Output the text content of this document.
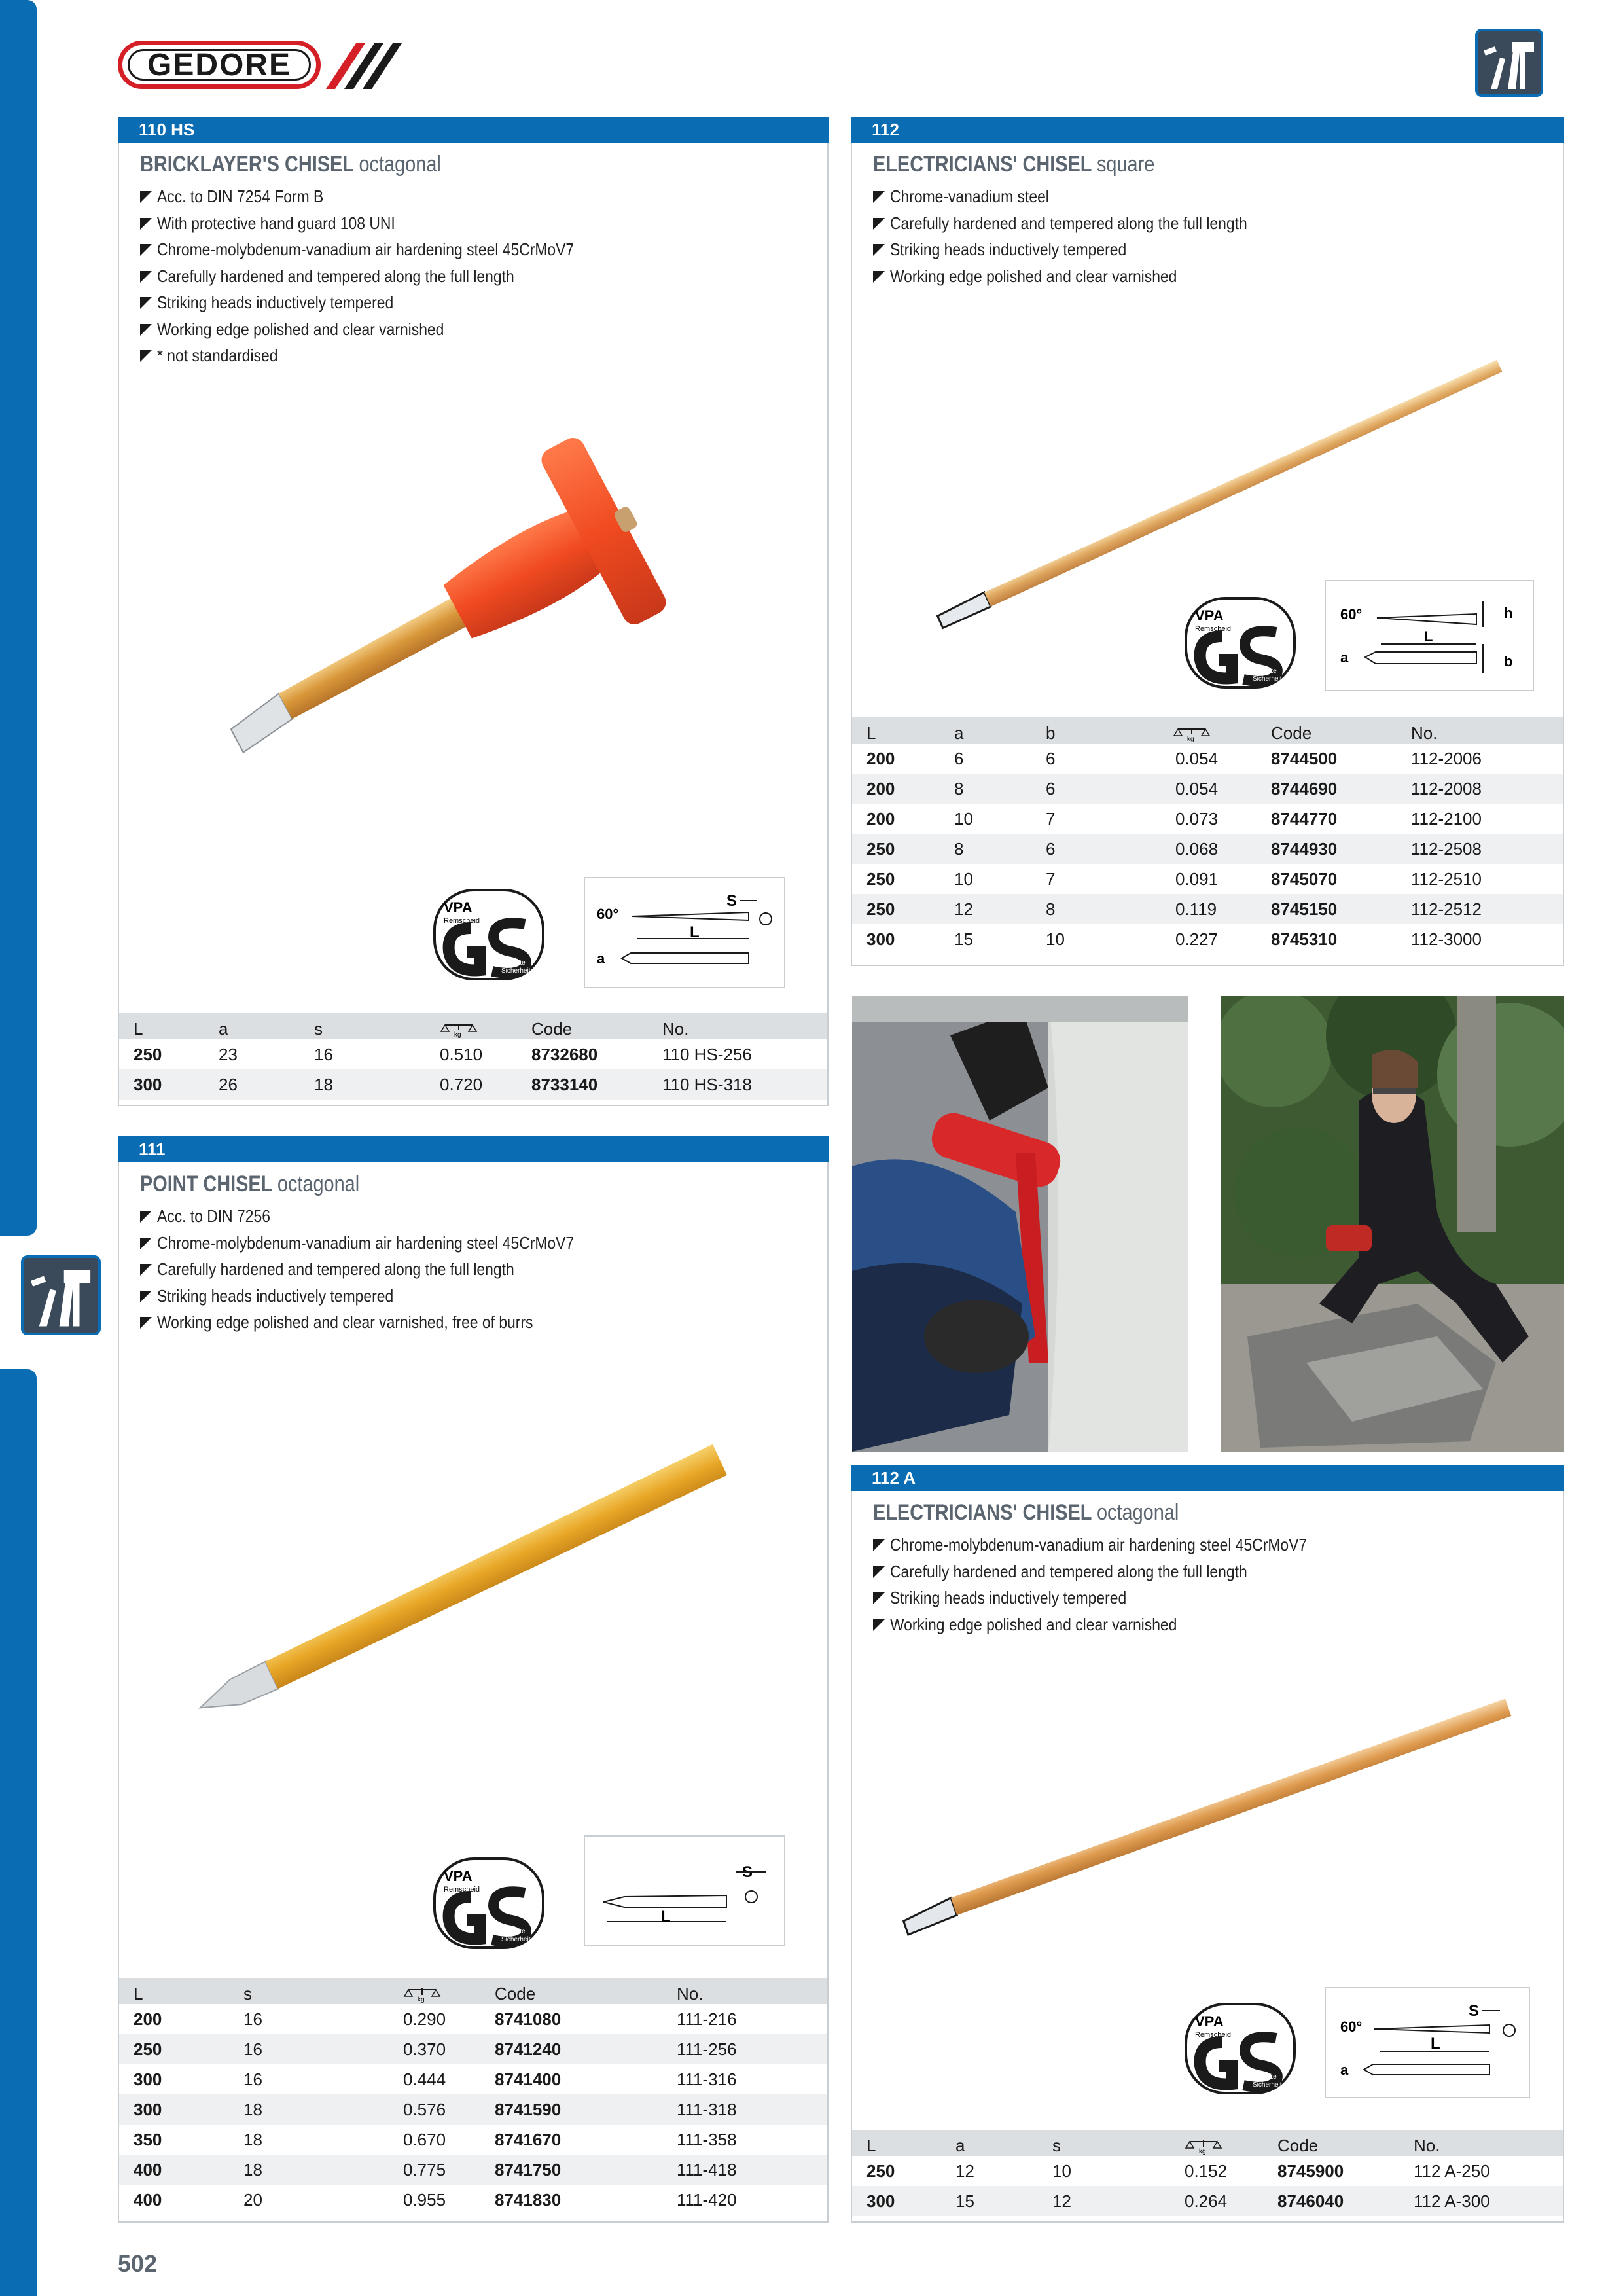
GEDORE
110 HS
BRICKLAYER'S CHISEL octagonal
Acc. to DIN 7254 Form B
With protective hand guard 108 UNI
Chrome-molybdenum-vanadium air hardening steel 45CrMoV7
Carefully hardened and tempered along the full length
Striking heads inductively tempered
Working edge polished and clear varnished
* not standardised
VPA
Remscheid
geprüfte
Sicherheit
60°
S
L
a
L	a	s	kg	Code	No.
250	23	16	0.510	8732680	110 HS-256
300	26	18	0.720	8733140	110 HS-318
112
ELECTRICIANS' CHISEL square
Chrome-vanadium steel
Carefully hardened and tempered along the full length
Striking heads inductively tempered
Working edge polished and clear varnished
VPA
Remscheid
geprüfte
Sicherheit
60°	h
L
a	b
L	a	b	kg	Code	No.
200	6	6	0.054	8744500	112-2006
200	8	6	0.054	8744690	112-2008
200	10	7	0.073	8744770	112-2100
250	8	6	0.068	8744930	112-2508
250	10	7	0.091	8745070	112-2510
250	12	8	0.119	8745150	112-2512
300	15	10	0.227	8745310	112-3000
111
POINT CHISEL octagonal
Acc. to DIN 7256
Chrome-molybdenum-vanadium air hardening steel 45CrMoV7
Carefully hardened and tempered along the full length
Striking heads inductively tempered
Working edge polished and clear varnished, free of burrs
VPA
Remscheid
geprüfte
Sicherheit
S
L
L	s	kg	Code	No.
200	16	0.290	8741080	111-216
250	16	0.370	8741240	111-256
300	16	0.444	8741400	111-316
300	18	0.576	8741590	111-318
350	18	0.670	8741670	111-358
400	18	0.775	8741750	111-418
400	20	0.955	8741830	111-420
112 A
ELECTRICIANS' CHISEL octagonal
Chrome-molybdenum-vanadium air hardening steel 45CrMoV7
Carefully hardened and tempered along the full length
Striking heads inductively tempered
Working edge polished and clear varnished
VPA
Remscheid
geprüfte
Sicherheit
60°
S
L
a
L	a	s	kg	Code	No.
250	12	10	0.152	8745900	112 A-250
300	15	12	0.264	8746040	112 A-300
502
